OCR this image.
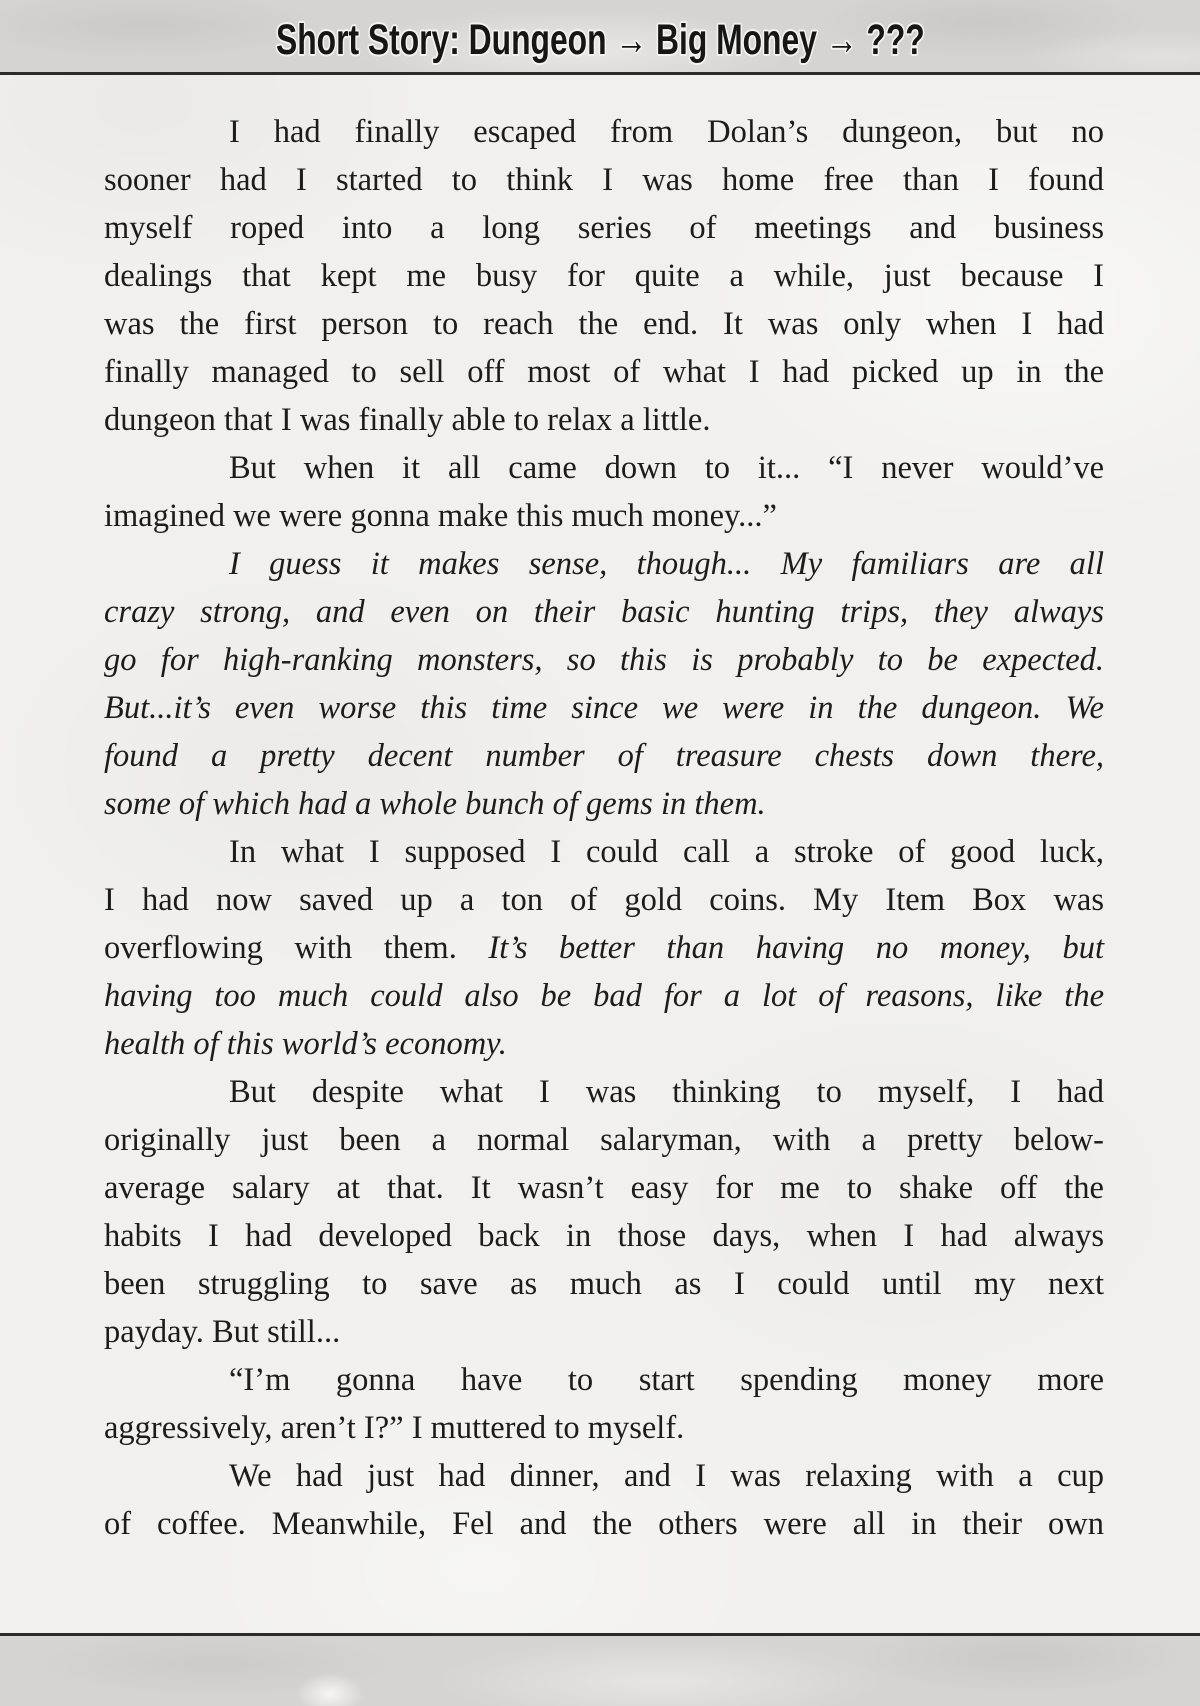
Short Story: Dungeon → Big Money → ???
I had finally escaped from Dolan’s dungeon, but no
sooner had I started to think I was home free than I found
myself roped into a long series of meetings and business
dealings that kept me busy for quite a while, just because I
was the first person to reach the end. It was only when I had
finally managed to sell off most of what I had picked up in the
dungeon that I was finally able to relax a little.
But when it all came down to it... “I never would’ve
imagined we were gonna make this much money...”
I guess it makes sense, though... My familiars are all
crazy strong, and even on their basic hunting trips, they always
go for high-ranking monsters, so this is probably to be expected.
But...it’s even worse this time since we were in the dungeon. We
found a pretty decent number of treasure chests down there,
some of which had a whole bunch of gems in them.
In what I supposed I could call a stroke of good luck,
I had now saved up a ton of gold coins. My Item Box was
overflowing with them. It’s better than having no money, but
having too much could also be bad for a lot of reasons, like the
health of this world’s economy.
But despite what I was thinking to myself, I had
originally just been a normal salaryman, with a pretty below-
average salary at that. It wasn’t easy for me to shake off the
habits I had developed back in those days, when I had always
been struggling to save as much as I could until my next
payday. But still...
“I’m gonna have to start spending money more
aggressively, aren’t I?” I muttered to myself.
We had just had dinner, and I was relaxing with a cup
of coffee. Meanwhile, Fel and the others were all in their own
